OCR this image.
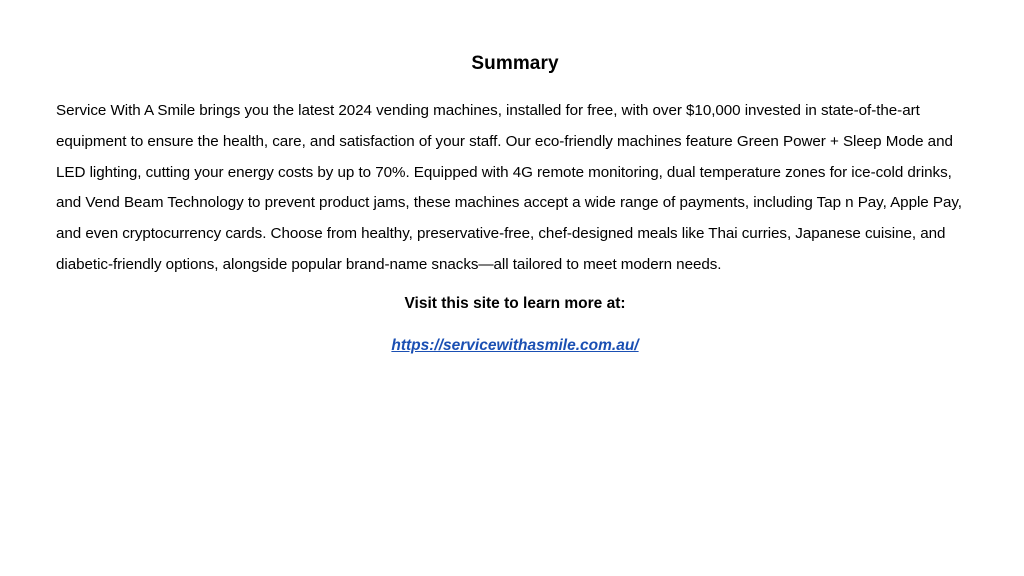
Summary
Service With A Smile brings you the latest 2024 vending machines, installed for free, with over $10,000 invested in state-of-the-art equipment to ensure the health, care, and satisfaction of your staff. Our eco-friendly machines feature Green Power + Sleep Mode and LED lighting, cutting your energy costs by up to 70%. Equipped with 4G remote monitoring, dual temperature zones for ice-cold drinks, and Vend Beam Technology to prevent product jams, these machines accept a wide range of payments, including Tap n Pay, Apple Pay, and even cryptocurrency cards. Choose from healthy, preservative-free, chef-designed meals like Thai curries, Japanese cuisine, and diabetic-friendly options, alongside popular brand-name snacks—all tailored to meet modern needs.
Visit this site to learn more at:
https://servicewithasmile.com.au/
